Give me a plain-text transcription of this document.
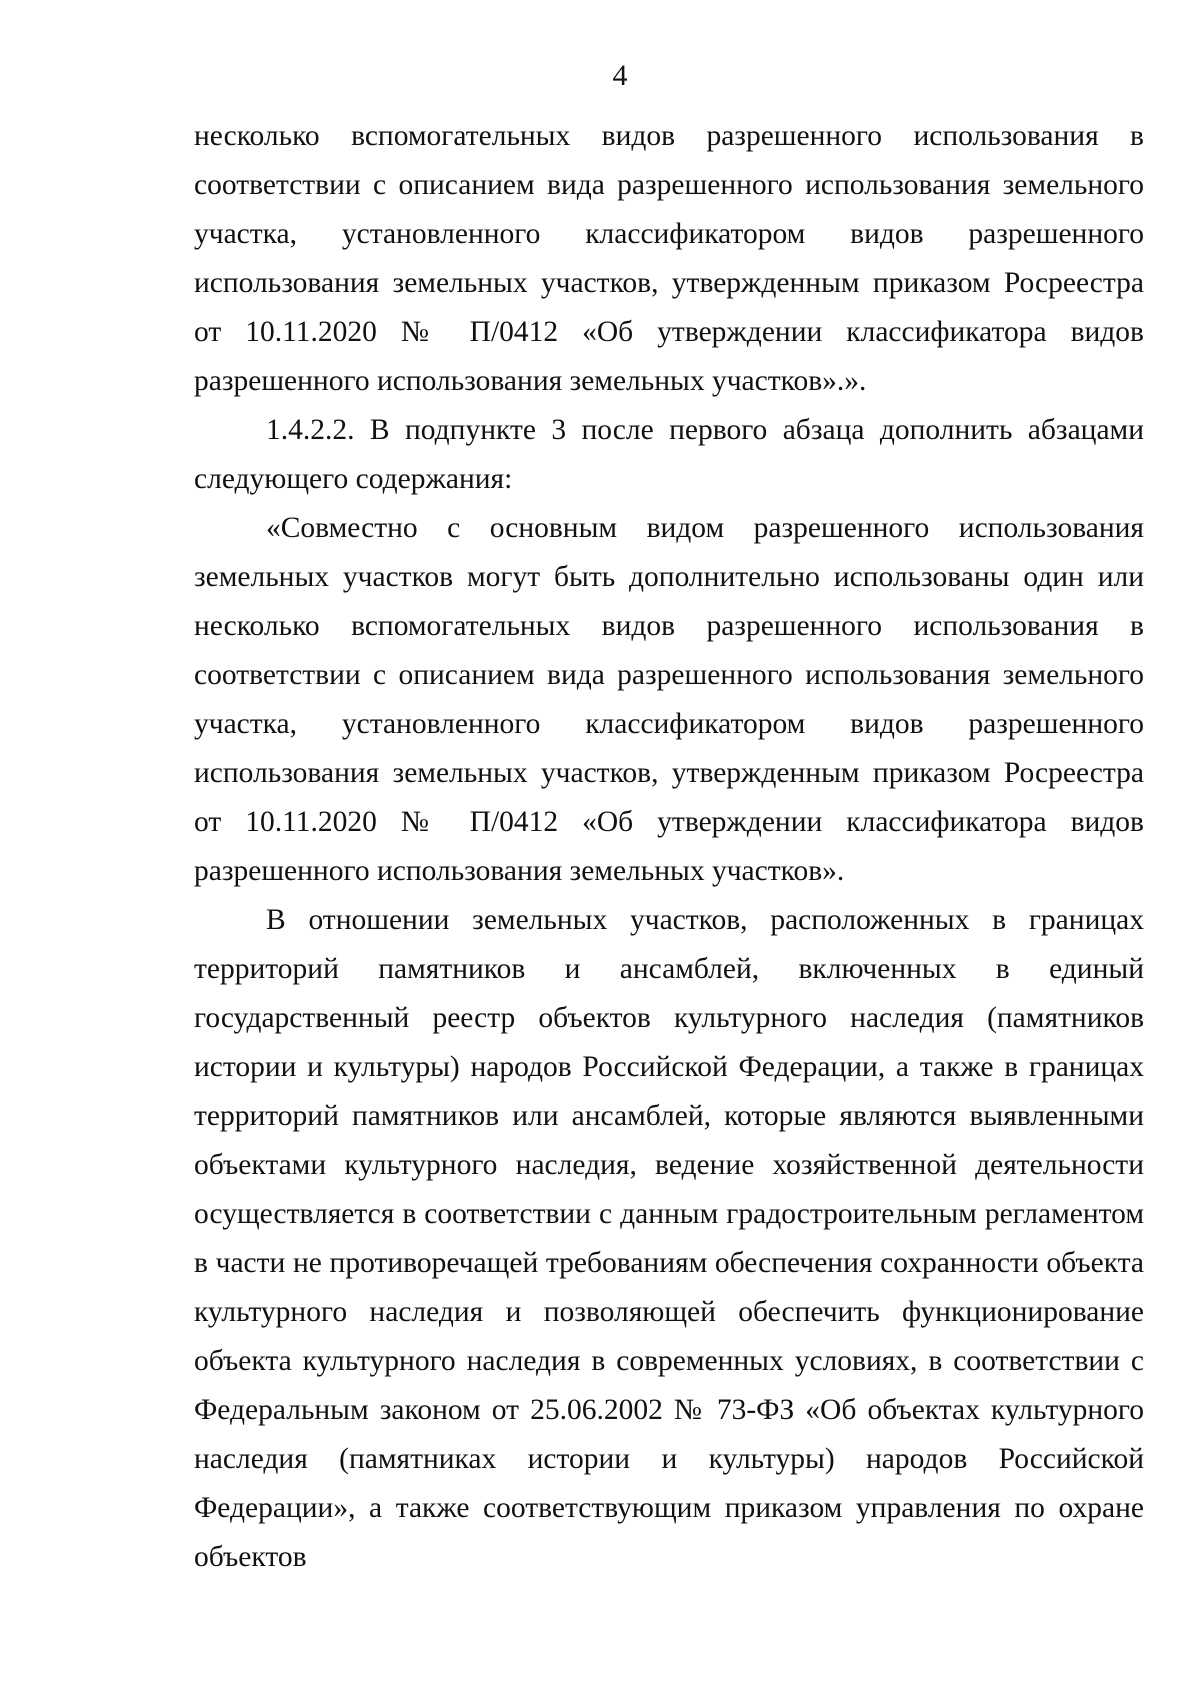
4

несколько вспомогательных видов разрешенного использования в соответствии с описанием вида разрешенного использования земельного участка, установленного классификатором видов разрешенного использования земельных участков, утвержденным приказом Росреестра от 10.11.2020 № П/0412 «Об утверждении классификатора видов разрешенного использования земельных участков».».

1.4.2.2. В подпункте 3 после первого абзаца дополнить абзацами следующего содержания:

«Совместно с основным видом разрешенного использования земельных участков могут быть дополнительно использованы один или несколько вспомогательных видов разрешенного использования в соответствии с описанием вида разрешенного использования земельного участка, установленного классификатором видов разрешенного использования земельных участков, утвержденным приказом Росреестра от 10.11.2020 № П/0412 «Об утверждении классификатора видов разрешенного использования земельных участков».

В отношении земельных участков, расположенных в границах территорий памятников и ансамблей, включенных в единый государственный реестр объектов культурного наследия (памятников истории и культуры) народов Российской Федерации, а также в границах территорий памятников или ансамблей, которые являются выявленными объектами культурного наследия, ведение хозяйственной деятельности осуществляется в соответствии с данным градостроительным регламентом в части не противоречащей требованиям обеспечения сохранности объекта культурного наследия и позволяющей обеспечить функционирование объекта культурного наследия в современных условиях, в соответствии с Федеральным законом от 25.06.2002 № 73-ФЗ «Об объектах культурного наследия (памятниках истории и культуры) народов Российской Федерации», а также соответствующим приказом управления по охране объектов
